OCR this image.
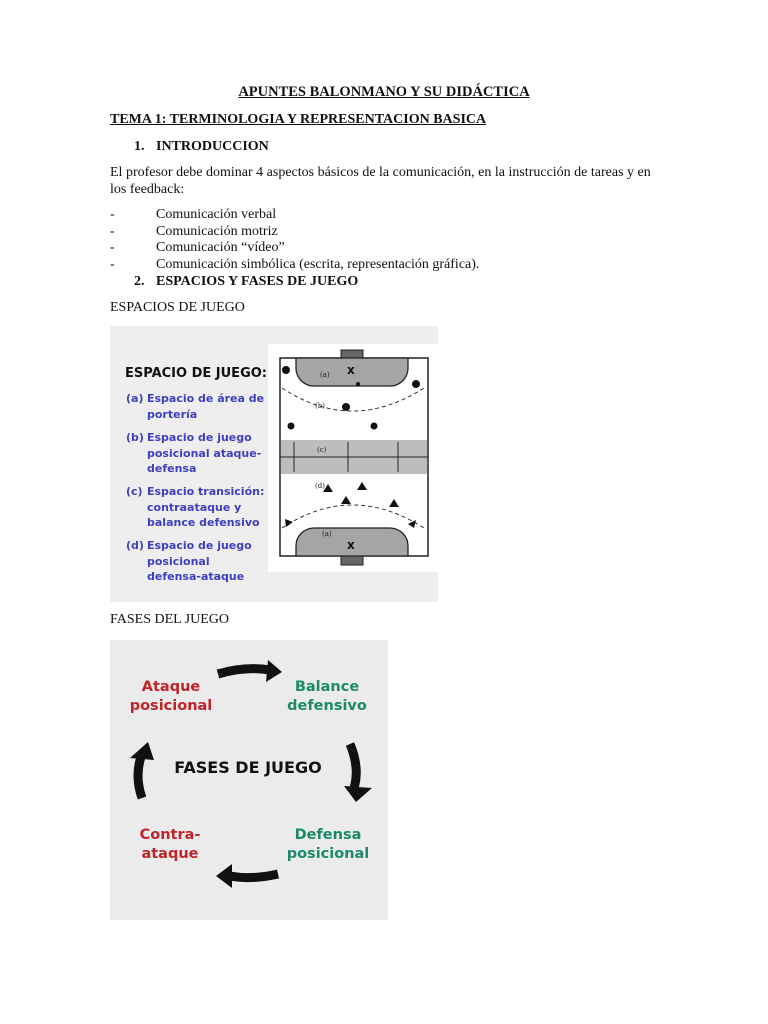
APUNTES BALONMANO Y SU DIDÁCTICA
TEMA 1: TERMINOLOGIA Y REPRESENTACION BASICA
1. INTRODUCCION
El profesor debe dominar 4 aspectos básicos de la comunicación, en la instrucción de tareas y en
los feedback:
-	Comunicación verbal
-	Comunicación motriz
-	Comunicación “vídeo”
-	Comunicación simbólica (escrita, representación gráfica).
2. ESPACIOS Y FASES DE JUEGO
ESPACIOS DE JUEGO
ESPACIO DE JUEGO:
(a) Espacio de área de
portería
(b) Espacio de juego
posicional ataque-
defensa
(c) Espacio transición:
contraataque y
balance defensivo
(d) Espacio de juego
posicional
defensa-ataque
(a)
(b)
(c)
(d)
(a)
x
x
FASES DEL JUEGO
Ataque
posicional
Balance
defensivo
FASES DE JUEGO
Contra-
ataque
Defensa
posicional
